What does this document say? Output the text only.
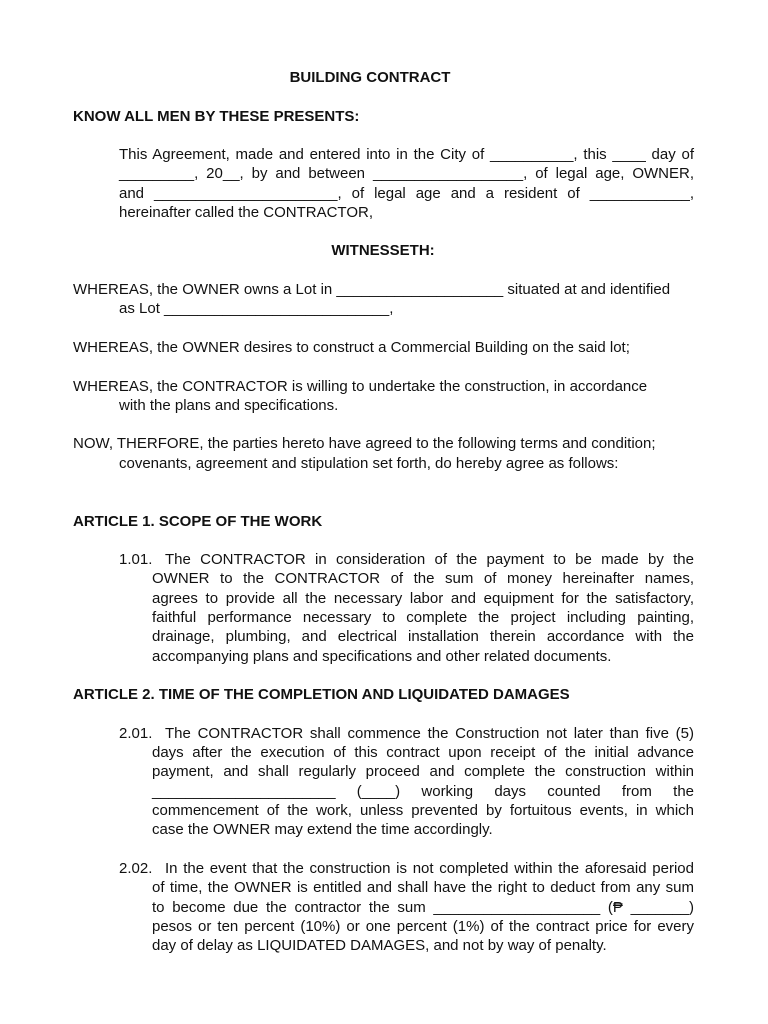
BUILDING CONTRACT
KNOW ALL MEN BY THESE PRESENTS:
This Agreement, made and entered into in the City of __________, this ____ day of
_________, 20__, by and between __________________, of legal age, OWNER,
and ______________________, of legal age and a resident of ____________,
hereinafter called the CONTRACTOR,
WITNESSETH:
WHEREAS, the OWNER owns a Lot in ____________________ situated at and identified
as Lot ___________________________,
WHEREAS, the OWNER desires to construct a Commercial Building on the said lot;
WHEREAS, the CONTRACTOR is willing to undertake the construction, in accordance
with the plans and specifications.
NOW, THERFORE, the parties hereto have agreed to the following terms and condition;
covenants, agreement and stipulation set forth, do hereby agree as follows:
ARTICLE 1. SCOPE OF THE WORK
1.01. The CONTRACTOR in consideration of the payment to be made by the
OWNER to the CONTRACTOR of the sum of money hereinafter names,
agrees to provide all the necessary labor and equipment for the satisfactory,
faithful performance necessary to complete the project including painting,
drainage, plumbing, and electrical installation therein accordance with the
accompanying plans and specifications and other related documents.
ARTICLE 2. TIME OF THE COMPLETION AND LIQUIDATED DAMAGES
2.01. The CONTRACTOR shall commence the Construction not later than five (5)
days after the execution of this contract upon receipt of the initial advance
payment, and shall regularly proceed and complete the construction within
______________________ (____) working days counted from the
commencement of the work, unless prevented by fortuitous events, in which
case the OWNER may extend the time accordingly.
2.02. In the event that the construction is not completed within the aforesaid period
of time, the OWNER is entitled and shall have the right to deduct from any sum
to become due the contractor the sum ____________________ (₱ _______)
pesos or ten percent (10%) or one percent (1%) of the contract price for every
day of delay as LIQUIDATED DAMAGES, and not by way of penalty.
